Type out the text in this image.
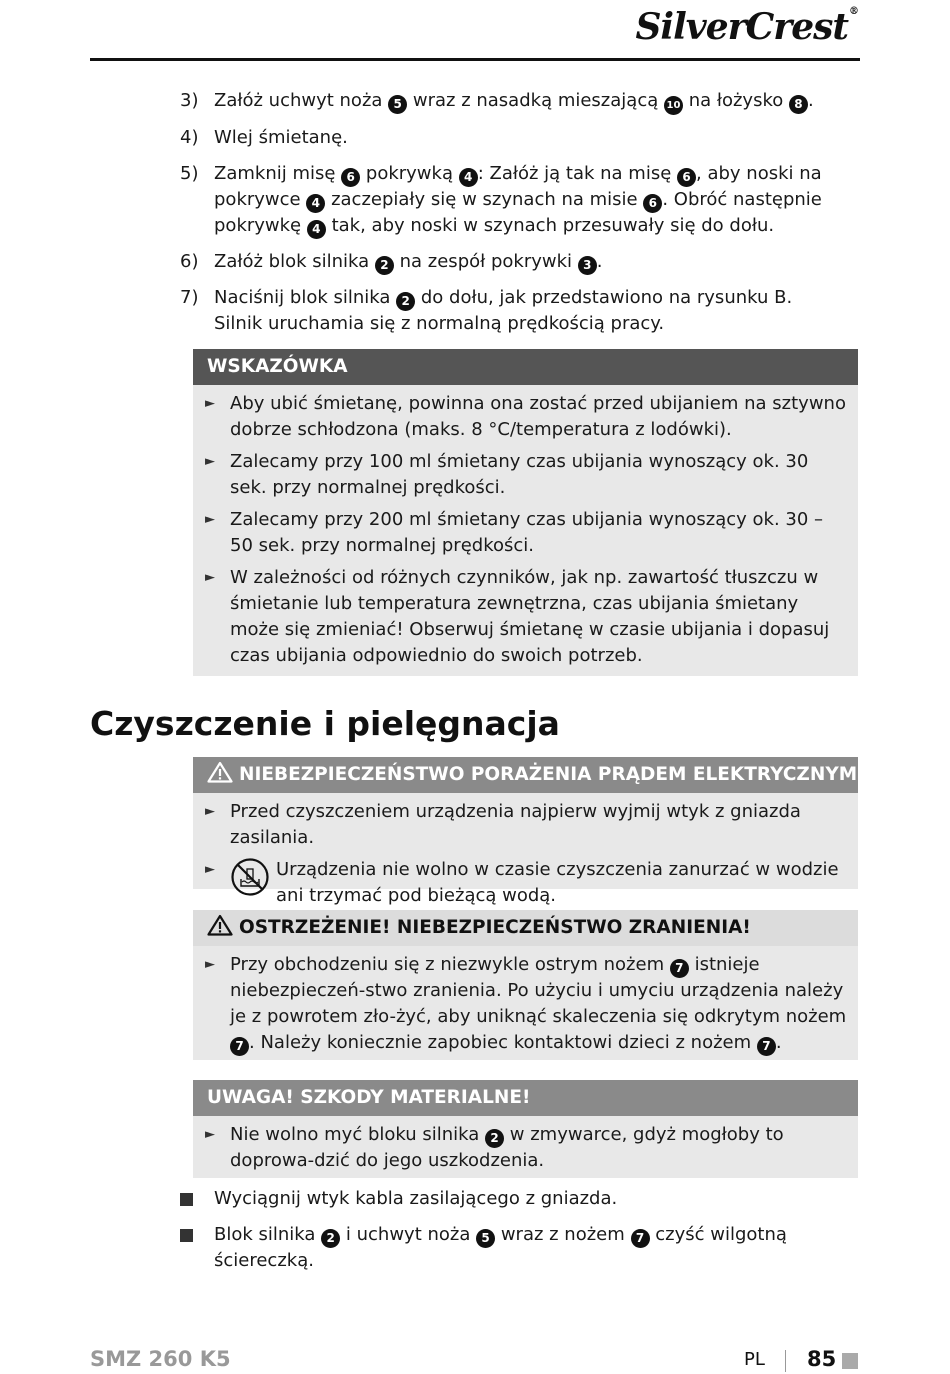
SilverCrest®
3) Załóż uchwyt noża 5 wraz z nasadką mieszającą 10 na łożysko 8 .
4) Wlej śmietanę.
5) Zamknij misę 6 pokrywką 4 : Załóż ją tak na misę 6 , aby noski na pokrywce 4 zaczepiały się w szynach na misie 6 . Obróć następnie pokrywkę 4 tak, aby noski w szynach przesuwały się do dołu.
6) Załóż blok silnika 2 na zespół pokrywki 3 .
7) Naciśnij blok silnika 2 do dołu, jak przedstawiono na rysunku B. Silnik uruchamia się z normalną prędkością pracy.
WSKAZÓWKA
► Aby ubić śmietanę, powinna ona zostać przed ubijaniem na sztywno dobrze schłodzona (maks. 8 °C/temperatura z lodówki).
► Zalecamy przy 100 ml śmietany czas ubijania wynoszący ok. 30 sek. przy normalnej prędkości.
► Zalecamy przy 200 ml śmietany czas ubijania wynoszący ok. 30 – 50 sek. przy normalnej prędkości.
► W zależności od różnych czynników, jak np. zawartość tłuszczu w śmietanie lub temperatura zewnętrzna, czas ubijania śmietany może się zmieniać! Obserwuj śmietanę w czasie ubijania i dopasuj czas ubijania odpowiednio do swoich potrzeb.
Czyszczenie i pielęgnacja
NIEBEZPIECZEŃSTWO PORAŻENIA PRĄDEM ELEKTRYCZNYM!
► Przed czyszczeniem urządzenia najpierw wyjmij wtyk z gniazda zasilania.
►	Urządzenia nie wolno w czasie czyszczenia zanurzać w wodzie ani trzymać pod bieżącą wodą.
OSTRZEŻENIE! NIEBEZPIECZEŃSTWO ZRANIENIA!
► Przy obchodzeniu się z niezwykle ostrym nożem 7 istnieje niebezpieczeń-stwo zranienia. Po użyciu i umyciu urządzenia należy je z powrotem zło-żyć, aby uniknąć skaleczenia się odkrytym nożem 7 . Należy koniecznie zapobiec kontaktowi dzieci z nożem 7 .
UWAGA! SZKODY MATERIALNE!
► Nie wolno myć bloku silnika 2 w zmywarce, gdyż mogłoby to doprowa-dzić do jego uszkodzenia.
Wyciągnij wtyk kabla zasilającego z gniazda.
Blok silnika 2 i uchwyt noża 5 wraz z nożem 7 czyść wilgotną ściereczką.
SMZ 260 K5	PL 85
